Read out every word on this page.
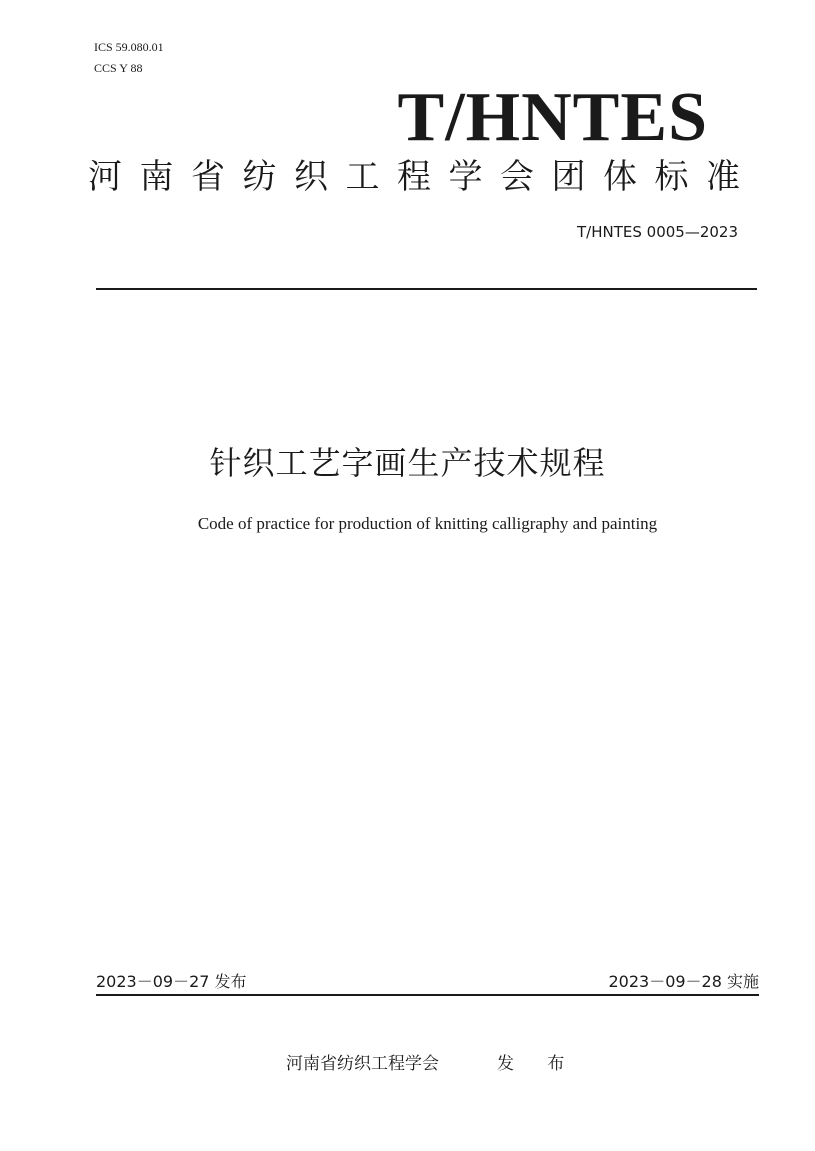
ICS 59.080.01
CCS Y 88
T/HNTES
河南省纺织工程学会团体标准
T/HNTES 0005—2023
针织工艺字画生产技术规程
Code of practice for production of knitting calligraphy and painting
2023－09－27 发布	2023－09－28 实施
河南省纺织工程学会	发 布
